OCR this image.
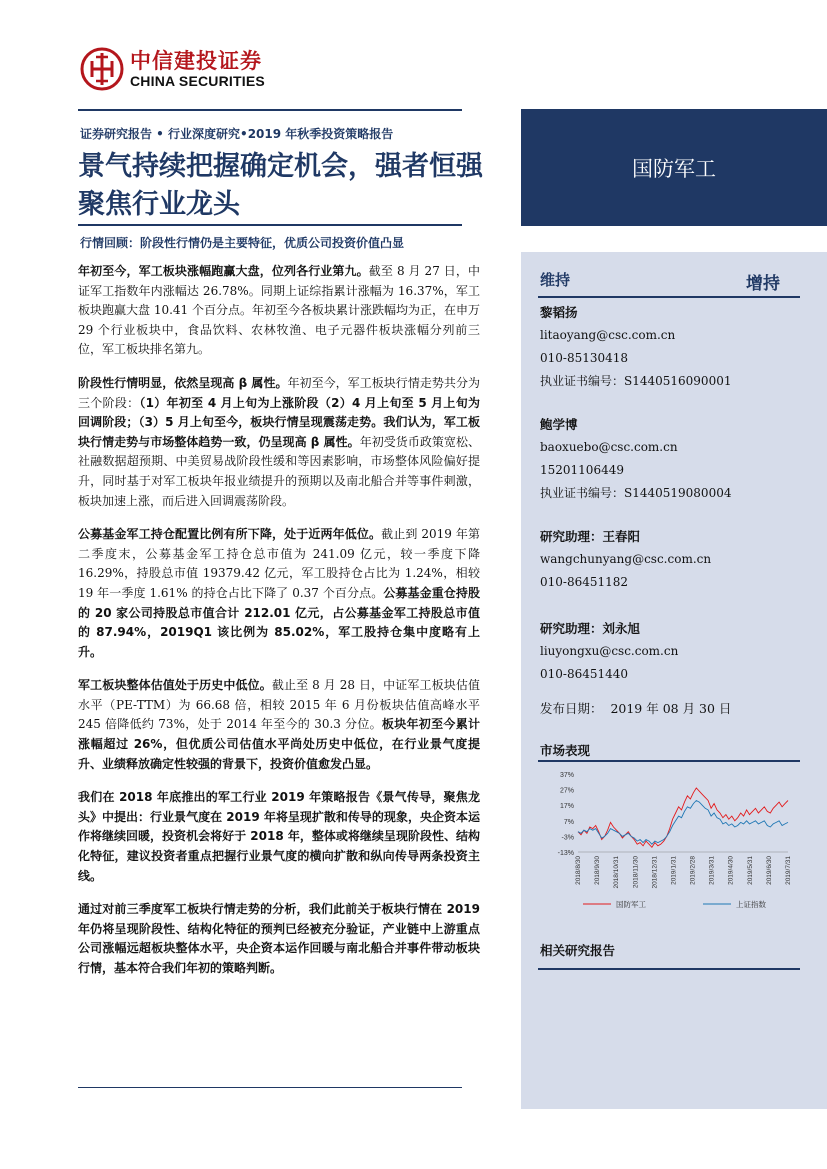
中信建投证券
CHINA SECURITIES
证券研究报告 • 行业深度研究•2019 年秋季投资策略报告
景气持续把握确定机会，强者恒强聚焦行业龙头
行情回顾：阶段性行情仍是主要特征，优质公司投资价值凸显
国防军工
维持	增持
黎韬扬
litaoyang@csc.com.cn
010-85130418
执业证书编号：S1440516090001
鲍学博
baoxuebo@csc.com.cn
15201106449
执业证书编号：S1440519080004
研究助理：王春阳
wangchunyang@csc.com.cn
010-86451182
研究助理：刘永旭
liuyongxu@csc.com.cn
010-86451440
发布日期：  2019 年 08 月 30 日
市场表现
37%
27%
17%
7%
-3%
-13%
2018/8/30 2018/9/30 2018/10/31 2018/11/30 2018/12/31 2019/1/31 2019/2/28 2019/3/31 2019/4/30 2019/5/31 2019/6/30 2019/7/31
国防军工	上证指数
相关研究报告

年初至今，军工板块涨幅跑赢大盘，位列各行业第九。截至 8 月 27 日，中证军工指数年内涨幅达 26.78%。同期上证综指累计涨幅为 16.37%，军工板块跑赢大盘 10.41 个百分点。年初至今各板块累计涨跌幅均为正，在申万 29 个行业板块中，食品饮料、农林牧渔、电子元器件板块涨幅分列前三位，军工板块排名第九。

阶段性行情明显，依然呈现高 β 属性。年初至今，军工板块行情走势共分为三个阶段：（1）年初至 4 月上旬为上涨阶段（2）4 月上旬至 5 月上旬为回调阶段；（3）5 月上旬至今，板块行情呈现震荡走势。我们认为，军工板块行情走势与市场整体趋势一致，仍呈现高 β 属性。年初受货币政策宽松、社融数据超预期、中美贸易战阶段性缓和等因素影响，市场整体风险偏好提升，同时基于对军工板块年报业绩提升的预期以及南北船合并等事件刺激，板块加速上涨，而后进入回调震荡阶段。

公募基金军工持仓配置比例有所下降，处于近两年低位。截止到 2019 年第二季度末，公募基金军工持仓总市值为 241.09 亿元，较一季度下降 16.29%，持股总市值 19379.42 亿元，军工股持仓占比为 1.24%，相较 19 年一季度 1.61% 的持仓占比下降了 0.37 个百分点。公募基金重仓持股的 20 家公司持股总市值合计 212.01 亿元，占公募基金军工持股总市值的 87.94%，2019Q1 该比例为 85.02%，军工股持仓集中度略有上升。

军工板块整体估值处于历史中低位。截止至 8 月 28 日，中证军工板块估值水平（PE-TTM）为 66.68 倍，相较 2015 年 6 月份板块估值高峰水平 245 倍降低约 73%，处于 2014 年至今的 30.3 分位。板块年初至今累计涨幅超过 26%，但优质公司估值水平尚处历史中低位，在行业景气度提升、业绩释放确定性较强的背景下，投资价值愈发凸显。

我们在 2018 年底推出的军工行业 2019 年策略报告《景气传导，聚焦龙头》中提出：行业景气度在 2019 年将呈现扩散和传导的现象，央企资本运作将继续回暖，投资机会将好于 2018 年，整体或将继续呈现阶段性、结构化特征，建议投资者重点把握行业景气度的横向扩散和纵向传导两条投资主线。

通过对前三季度军工板块行情走势的分析，我们此前关于板块行情在 2019 年仍将呈现阶段性、结构化特征的预判已经被充分验证，产业链中上游重点公司涨幅远超板块整体水平，央企资本运作回暖与南北船合并事件带动板块行情，基本符合我们年初的策略判断。
